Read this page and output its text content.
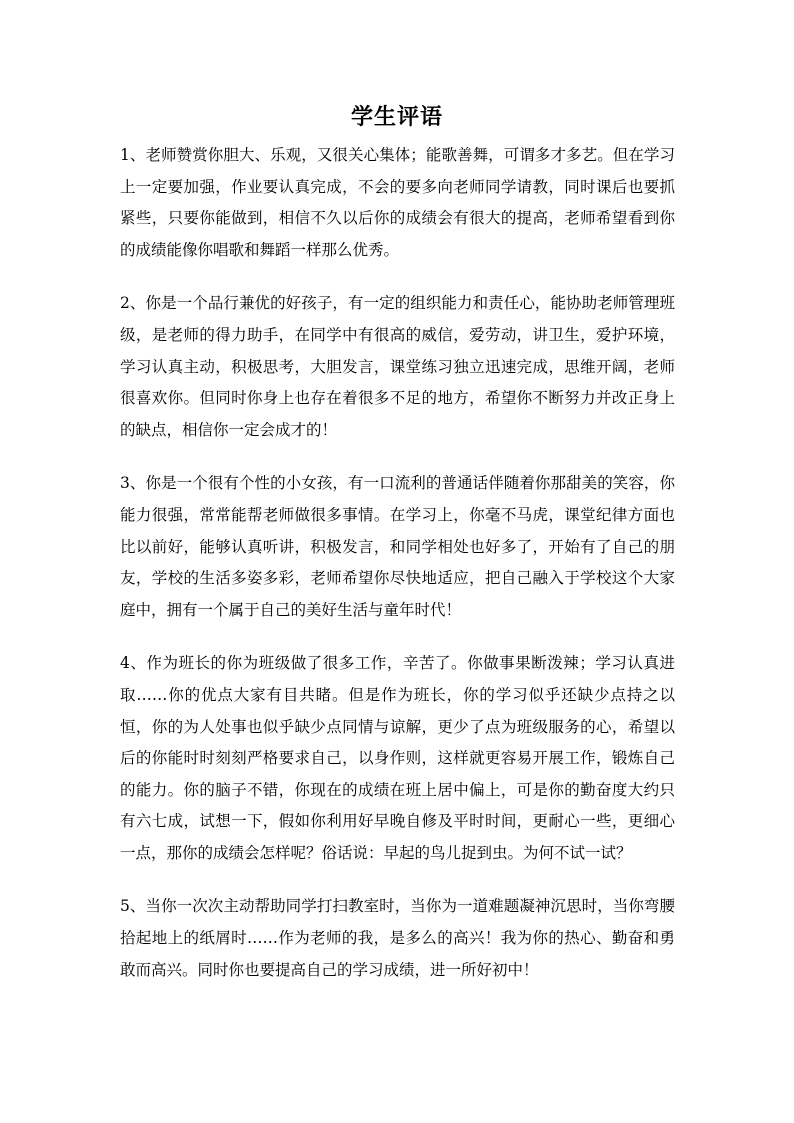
学生评语

1、老师赞赏你胆大、乐观，又很关心集体；能歌善舞，可谓多才多艺。但在学习上一定要加强，作业要认真完成，不会的要多向老师同学请教，同时课后也要抓紧些，只要你能做到，相信不久以后你的成绩会有很大的提高，老师希望看到你的成绩能像你唱歌和舞蹈一样那么优秀。

2、你是一个品行兼优的好孩子，有一定的组织能力和责任心，能协助老师管理班级，是老师的得力助手，在同学中有很高的威信，爱劳动，讲卫生，爱护环境，学习认真主动，积极思考，大胆发言，课堂练习独立迅速完成，思维开阔，老师很喜欢你。但同时你身上也存在着很多不足的地方，希望你不断努力并改正身上的缺点，相信你一定会成才的！

3、你是一个很有个性的小女孩，有一口流利的普通话伴随着你那甜美的笑容，你能力很强，常常能帮老师做很多事情。在学习上，你毫不马虎，课堂纪律方面也比以前好，能够认真听讲，积极发言，和同学相处也好多了，开始有了自己的朋友，学校的生活多姿多彩，老师希望你尽快地适应，把自己融入于学校这个大家庭中，拥有一个属于自己的美好生活与童年时代！

4、作为班长的你为班级做了很多工作，辛苦了。你做事果断泼辣；学习认真进取……你的优点大家有目共睹。但是作为班长，你的学习似乎还缺少点持之以恒，你的为人处事也似乎缺少点同情与谅解，更少了点为班级服务的心，希望以后的你能时时刻刻严格要求自己，以身作则，这样就更容易开展工作，锻炼自己的能力。你的脑子不错，你现在的成绩在班上居中偏上，可是你的勤奋度大约只有六七成，试想一下，假如你利用好早晚自修及平时时间，更耐心一些，更细心一点，那你的成绩会怎样呢？俗话说：早起的鸟儿捉到虫。为何不试一试？

5、当你一次次主动帮助同学打扫教室时，当你为一道难题凝神沉思时，当你弯腰拾起地上的纸屑时……作为老师的我，是多么的高兴！我为你的热心、勤奋和勇敢而高兴。同时你也要提高自己的学习成绩，进一所好初中！
